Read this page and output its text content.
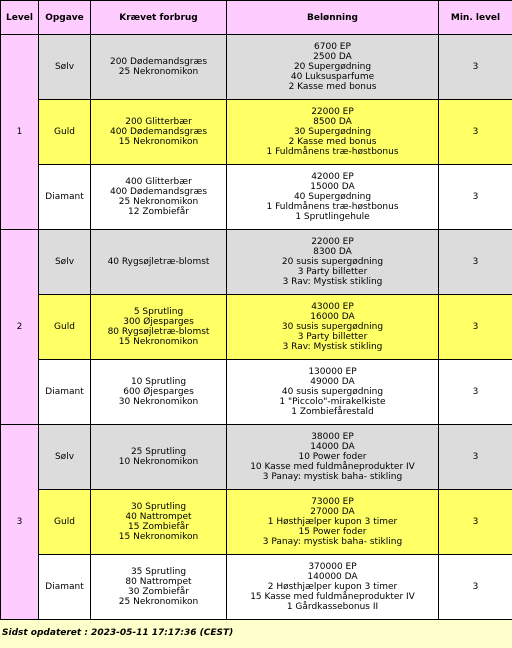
Level	Opgave	Krævet forbrug	Belønning	Min. level
1	Sølv	200 Dødemandsgræs
25 Nekronomikon	6700 EP
2500 DA
20 Supergødning
40 Luksusparfume
2 Kasse med bonus	3
	Guld	200 Glitterbær
400 Dødemandsgræs
15 Nekronomikon	22000 EP
8500 DA
30 Supergødning
2 Kasse med bonus
1 Fuldmånens træ-høstbonus	3
	Diamant	400 Glitterbær
400 Dødemandsgræs
25 Nekronomikon
12 Zombiefår	42000 EP
15000 DA
40 Supergødning
1 Fuldmånens træ-høstbonus
1 Sprutlingehule	3
2	Sølv	40 Rygsøjletræ-blomst	22000 EP
8300 DA
20 susis supergødning
3 Party billetter
3 Rav: Mystisk stikling	3
	Guld	5 Sprutling
300 Øjesparges
80 Rygsøjletræ-blomst
15 Nekronomikon	43000 EP
16000 DA
30 susis supergødning
3 Party billetter
3 Rav: Mystisk stikling	3
	Diamant	10 Sprutling
600 Øjesparges
30 Nekronomikon	130000 EP
49000 DA
40 susis supergødning
1 "Piccolo"-mirakelkiste
1 Zombiefårestald	3
3	Sølv	25 Sprutling
10 Nekronomikon	38000 EP
14000 DA
10 Power foder
10 Kasse med fuldmåneprodukter IV
3 Panay: mystisk baha- stikling	3
	Guld	30 Sprutling
40 Nattrompet
15 Zombiefår
15 Nekronomikon	73000 EP
27000 DA
1 Høsthjælper kupon 3 timer
15 Power foder
3 Panay: mystisk baha- stikling	3
	Diamant	35 Sprutling
80 Nattrompet
30 Zombiefår
25 Nekronomikon	370000 EP
140000 DA
2 Høsthjælper kupon 3 timer
15 Kasse med fuldmåneprodukter IV
1 Gårdkassebonus II	3
Sidst opdateret : 2023-05-11 17:17:36 (CEST)
